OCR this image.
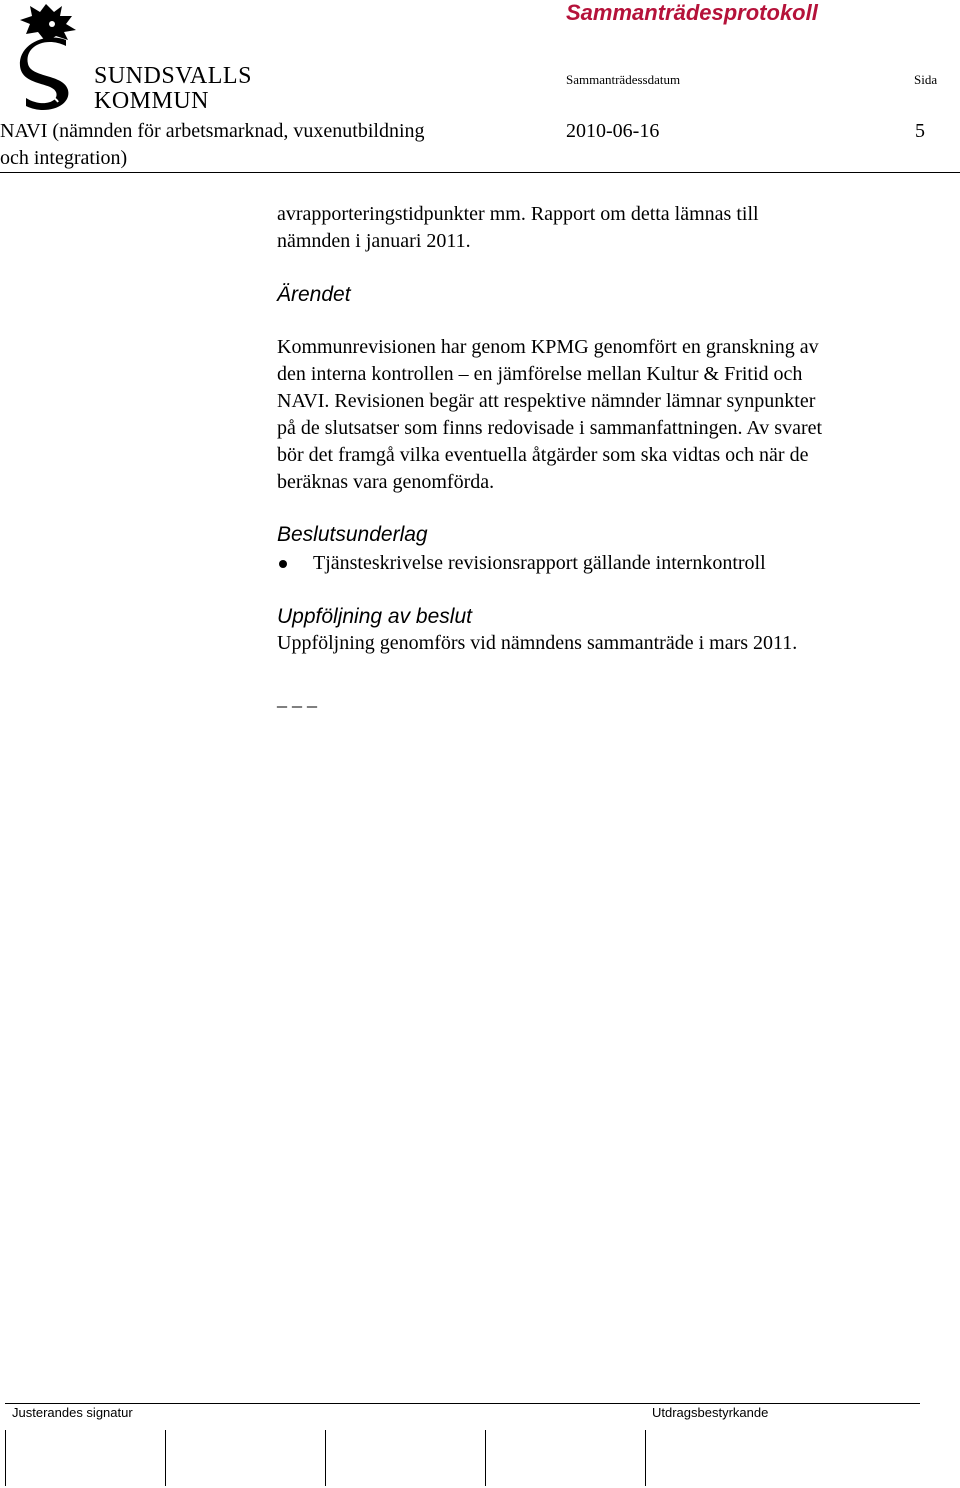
SUNDSVALLS
KOMMUN
Sammanträdesprotokoll
Sammanträdessdatum	Sida
NAVI (nämnden för arbetsmarknad, vuxenutbildning
och integration)
2010-06-16	5
avrapporteringstidpunkter mm. Rapport om detta lämnas till
nämnden i januari 2011.
Ärendet
Kommunrevisionen har genom KPMG genomfört en granskning av
den interna kontrollen – en jämförelse mellan Kultur & Fritid och
NAVI. Revisionen begär att respektive nämnder lämnar synpunkter
på de slutsatser som finns redovisade i sammanfattningen. Av svaret
bör det framgå vilka eventuella åtgärder som ska vidtas och när de
beräknas vara genomförda.
Beslutsunderlag
Tjänsteskrivelse revisionsrapport gällande internkontroll
Uppföljning av beslut
Uppföljning genomförs vid nämndens sammanträde i mars 2011.
_ _ _
Justerandes signatur	Utdragsbestyrkande
